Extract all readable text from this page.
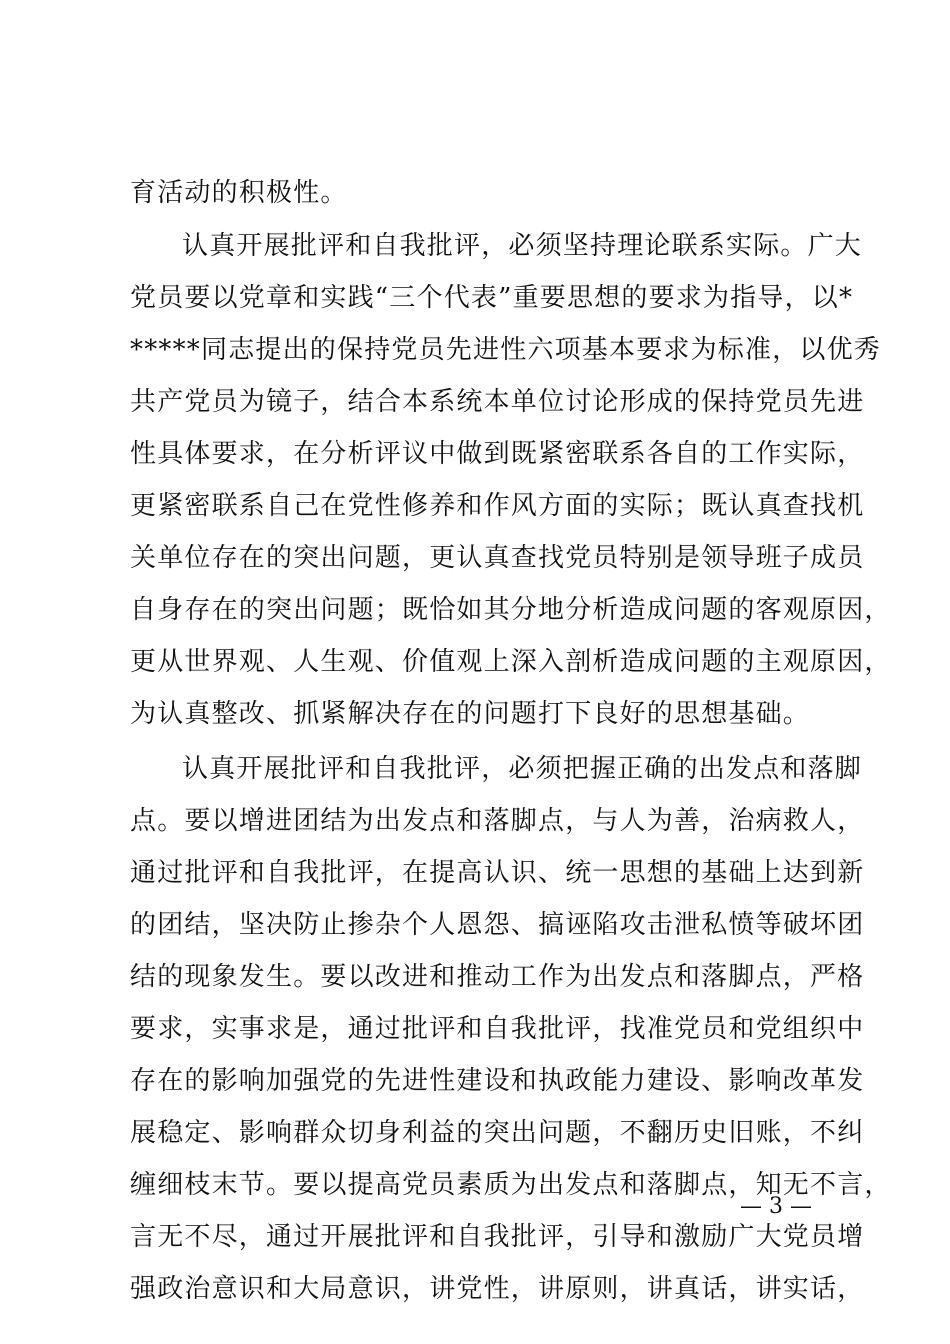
育活动的积极性。
认真开展批评和自我批评，必须坚持理论联系实际。广大
党员要以党章和实践“三个代表”重要思想的要求为指导，以*
*****同志提出的保持党员先进性六项基本要求为标准，以优秀
共产党员为镜子，结合本系统本单位讨论形成的保持党员先进
性具体要求，在分析评议中做到既紧密联系各自的工作实际，
更紧密联系自己在党性修养和作风方面的实际；既认真查找机
关单位存在的突出问题，更认真查找党员特别是领导班子成员
自身存在的突出问题；既恰如其分地分析造成问题的客观原因，
更从世界观、人生观、价值观上深入剖析造成问题的主观原因，
为认真整改、抓紧解决存在的问题打下良好的思想基础。
认真开展批评和自我批评，必须把握正确的出发点和落脚
点。要以增进团结为出发点和落脚点，与人为善，治病救人，
通过批评和自我批评，在提高认识、统一思想的基础上达到新
的团结，坚决防止掺杂个人恩怨、搞诬陷攻击泄私愤等破坏团
结的现象发生。要以改进和推动工作为出发点和落脚点，严格
要求，实事求是，通过批评和自我批评，找准党员和党组织中
存在的影响加强党的先进性建设和执政能力建设、影响改革发
展稳定、影响群众切身利益的突出问题，不翻历史旧账，不纠
缠细枝末节。要以提高党员素质为出发点和落脚点，知无不言，
言无不尽，通过开展批评和自我批评，引导和激励广大党员增
强政治意识和大局意识，讲党性，讲原则，讲真话，讲实话，
— 3 —
